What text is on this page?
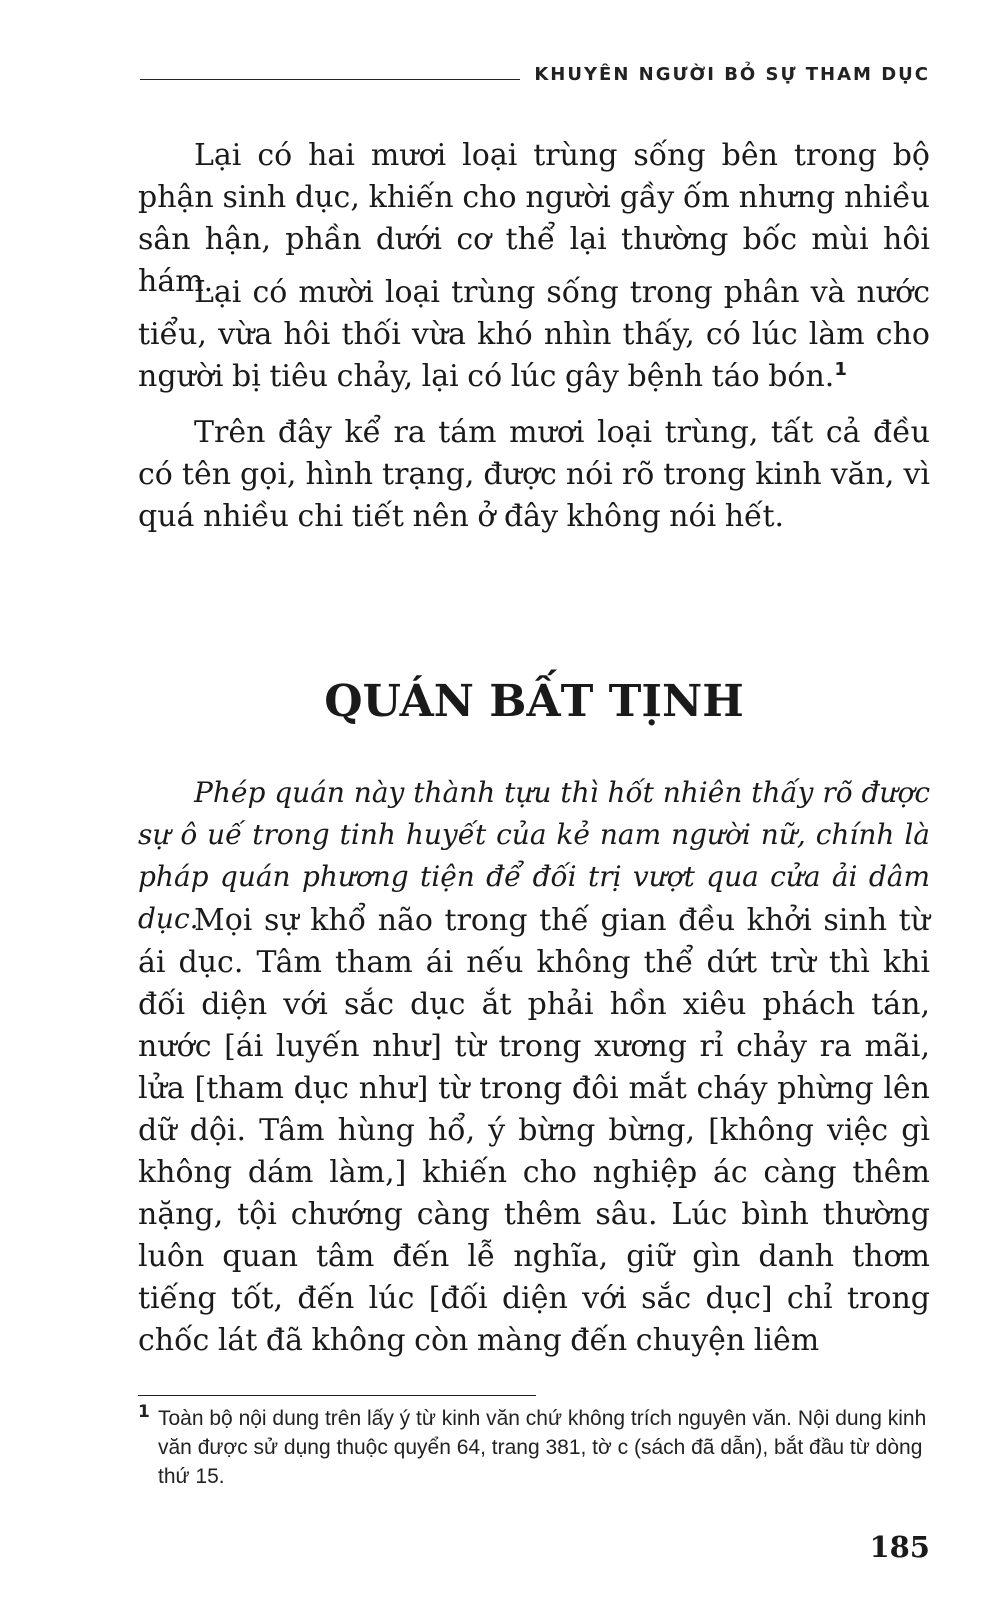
KHUYÊN NGƯỜI BỎ SỰ THAM DỤC

Lại có hai mươi loại trùng sống bên trong bộ phận sinh dục, khiến cho người gầy ốm nhưng nhiều sân hận, phần dưới cơ thể lại thường bốc mùi hôi hám.

Lại có mười loại trùng sống trong phân và nước tiểu, vừa hôi thối vừa khó nhìn thấy, có lúc làm cho người bị tiêu chảy, lại có lúc gây bệnh táo bón.$^1$

Trên đây kể ra tám mươi loại trùng, tất cả đều có tên gọi, hình trạng, được nói rõ trong kinh văn, vì quá nhiều chi tiết nên ở đây không nói hết.

QUÁN BẤT TỊNH

Phép quán này thành tựu thì hốt nhiên thấy rõ được sự ô uế trong tinh huyết của kẻ nam người nữ, chính là pháp quán phương tiện để đối trị vượt qua cửa ải dâm dục.

Mọi sự khổ não trong thế gian đều khởi sinh từ ái dục. Tâm tham ái nếu không thể dứt trừ thì khi đối diện với sắc dục ắt phải hồn xiêu phách tán, nước [ái luyến như] từ trong xương rỉ chảy ra mãi, lửa [tham dục như] từ trong đôi mắt cháy phừng lên dữ dội. Tâm hùng hổ, ý bừng bừng, [không việc gì không dám làm,] khiến cho nghiệp ác càng thêm nặng, tội chướng càng thêm sâu. Lúc bình thường luôn quan tâm đến lễ nghĩa, giữ gìn danh thơm tiếng tốt, đến lúc [đối diện với sắc dục] chỉ trong chốc lát đã không còn màng đến chuyện liêm

1 Toàn bộ nội dung trên lấy ý từ kinh văn chứ không trích nguyên văn. Nội dung kinh văn được sử dụng thuộc quyển 64, trang 381, tờ c (sách đã dẫn), bắt đầu từ dòng thứ 15.
185
